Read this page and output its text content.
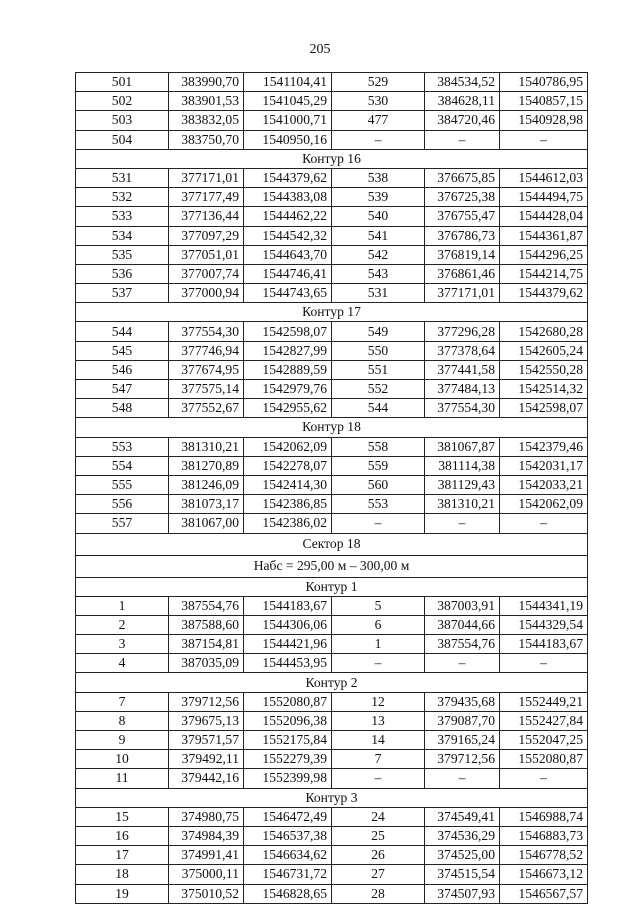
205
501	383990,70	1541104,41	529	384534,52	1540786,95
502	383901,53	1541045,29	530	384628,11	1540857,15
503	383832,05	1541000,71	477	384720,46	1540928,98
504	383750,70	1540950,16	–	–	–
Контур 16					
531	377171,01	1544379,62	538	376675,85	1544612,03
532	377177,49	1544383,08	539	376725,38	1544494,75
533	377136,44	1544462,22	540	376755,47	1544428,04
534	377097,29	1544542,32	541	376786,73	1544361,87
535	377051,01	1544643,70	542	376819,14	1544296,25
536	377007,74	1544746,41	543	376861,46	1544214,75
537	377000,94	1544743,65	531	377171,01	1544379,62
Контур 17					
544	377554,30	1542598,07	549	377296,28	1542680,28
545	377746,94	1542827,99	550	377378,64	1542605,24
546	377674,95	1542889,59	551	377441,58	1542550,28
547	377575,14	1542979,76	552	377484,13	1542514,32
548	377552,67	1542955,62	544	377554,30	1542598,07
Контур 18					
553	381310,21	1542062,09	558	381067,87	1542379,46
554	381270,89	1542278,07	559	381114,38	1542031,17
555	381246,09	1542414,30	560	381129,43	1542033,21
556	381073,17	1542386,85	553	381310,21	1542062,09
557	381067,00	1542386,02	–	–	–
Сектор 18					
Набс = 295,00 м – 300,00 м					
Контур 1					
1	387554,76	1544183,67	5	387003,91	1544341,19
2	387588,60	1544306,06	6	387044,66	1544329,54
3	387154,81	1544421,96	1	387554,76	1544183,67
4	387035,09	1544453,95	–	–	–
Контур 2					
7	379712,56	1552080,87	12	379435,68	1552449,21
8	379675,13	1552096,38	13	379087,70	1552427,84
9	379571,57	1552175,84	14	379165,24	1552047,25
10	379492,11	1552279,39	7	379712,56	1552080,87
11	379442,16	1552399,98	–	–	–
Контур 3					
15	374980,75	1546472,49	24	374549,41	1546988,74
16	374984,39	1546537,38	25	374536,29	1546883,73
17	374991,41	1546634,62	26	374525,00	1546778,52
18	375000,11	1546731,72	27	374515,54	1546673,12
19	375010,52	1546828,65	28	374507,93	1546567,57
